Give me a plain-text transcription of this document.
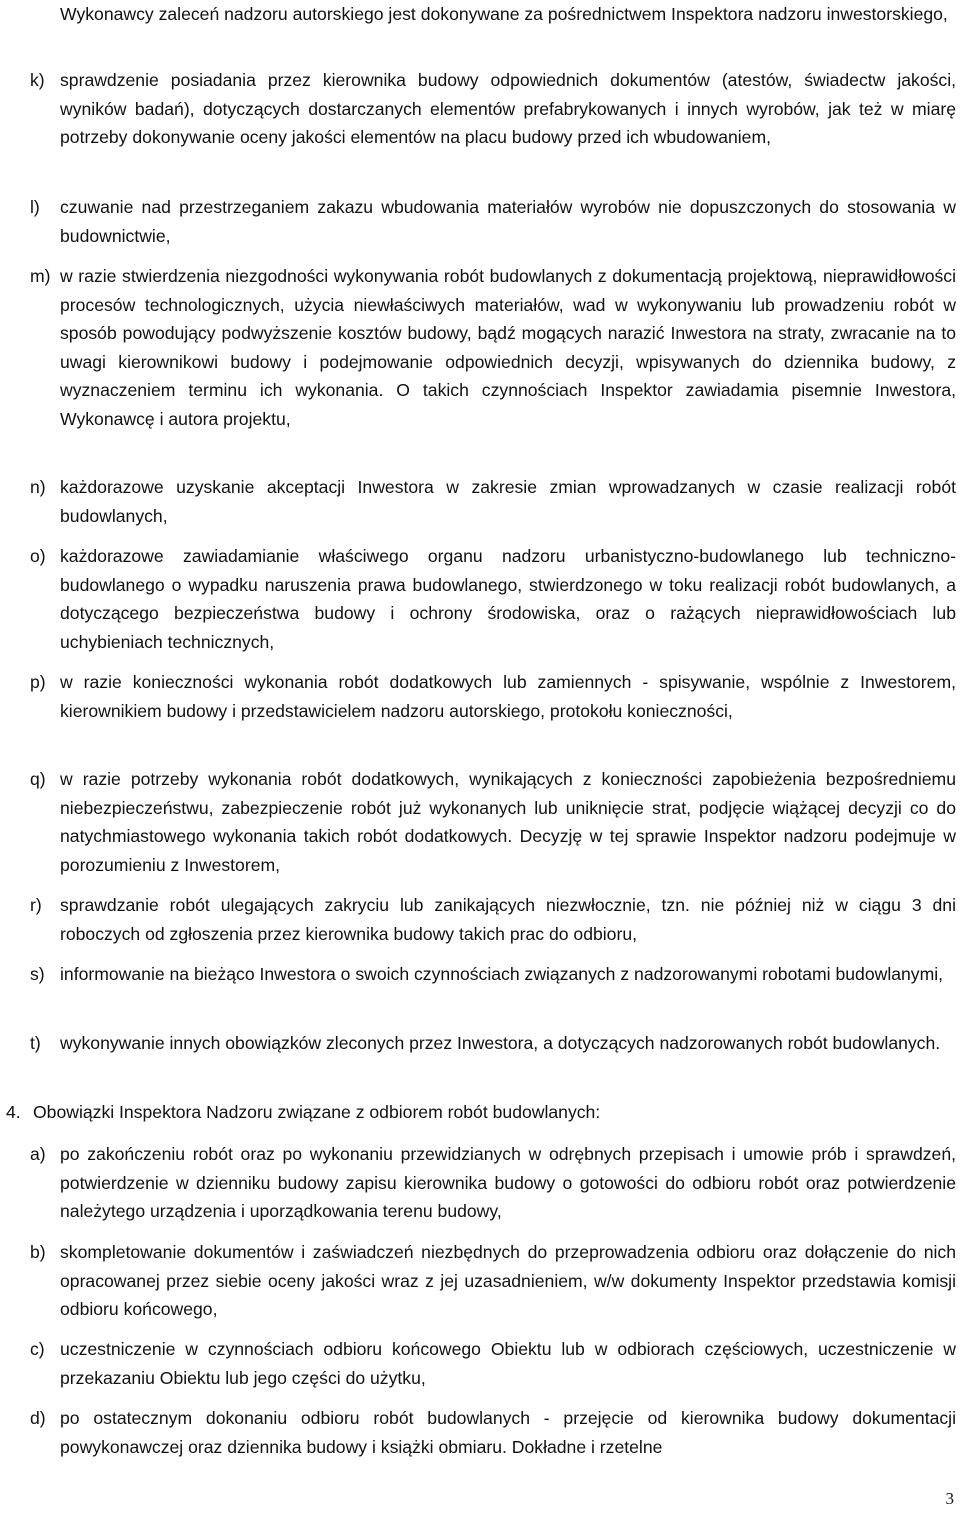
Wykonawcy zaleceń nadzoru autorskiego jest dokonywane za pośrednictwem Inspektora nadzoru inwestorskiego,

k) sprawdzenie posiadania przez kierownika budowy odpowiednich dokumentów (atestów, świadectw jakości, wyników badań), dotyczących dostarczanych elementów prefabrykowanych i innych wyrobów, jak też w miarę potrzeby dokonywanie oceny jakości elementów na placu budowy przed ich wbudowaniem,

l) czuwanie nad przestrzeganiem zakazu wbudowania materiałów wyrobów nie dopuszczonych do stosowania w budownictwie,

m) w razie stwierdzenia niezgodności wykonywania robót budowlanych z dokumentacją projektową, nieprawidłowości procesów technologicznych, użycia niewłaściwych materiałów, wad w wykonywaniu lub prowadzeniu robót w sposób powodujący podwyższenie kosztów budowy, bądź mogących narazić Inwestora na straty, zwracanie na to uwagi kierownikowi budowy i podejmowanie odpowiednich decyzji, wpisywanych do dziennika budowy, z wyznaczeniem terminu ich wykonania. O takich czynnościach Inspektor zawiadamia pisemnie Inwestora, Wykonawcę i autora projektu,

n) każdorazowe uzyskanie akceptacji Inwestora w zakresie zmian wprowadzanych w czasie realizacji robót budowlanych,

o) każdorazowe zawiadamianie właściwego organu nadzoru urbanistyczno-budowlanego lub techniczno-budowlanego o wypadku naruszenia prawa budowlanego, stwierdzonego w toku realizacji robót budowlanych, a dotyczącego bezpieczeństwa budowy i ochrony środowiska, oraz o rażących nieprawidłowościach lub uchybieniach technicznych,

p) w razie konieczności wykonania robót dodatkowych lub zamiennych - spisywanie, wspólnie z Inwestorem, kierownikiem budowy i przedstawicielem nadzoru autorskiego, protokołu konieczności,

q) w razie potrzeby wykonania robót dodatkowych, wynikających z konieczności zapobieżenia bezpośredniemu niebezpieczeństwu, zabezpieczenie robót już wykonanych lub uniknięcie strat, podjęcie wiążącej decyzji co do natychmiastowego wykonania takich robót dodatkowych. Decyzję w tej sprawie Inspektor nadzoru podejmuje w porozumieniu z Inwestorem,

r) sprawdzanie robót ulegających zakryciu lub zanikających niezwłocznie, tzn. nie później niż w ciągu 3 dni roboczych od zgłoszenia przez kierownika budowy takich prac do odbioru,

s) informowanie na bieżąco Inwestora o swoich czynnościach związanych z nadzorowanymi robotami budowlanymi,

t) wykonywanie innych obowiązków zleconych przez Inwestora, a dotyczących nadzorowanych robót budowlanych.

4. Obowiązki Inspektora Nadzoru związane z odbiorem robót budowlanych:

a) po zakończeniu robót oraz po wykonaniu przewidzianych w odrębnych przepisach i umowie prób i sprawdzeń, potwierdzenie w dzienniku budowy zapisu kierownika budowy o gotowości do odbioru robót oraz potwierdzenie należytego urządzenia i uporządkowania terenu budowy,

b) skompletowanie dokumentów i zaświadczeń niezbędnych do przeprowadzenia odbioru oraz dołączenie do nich opracowanej przez siebie oceny jakości wraz z jej uzasadnieniem, w/w dokumenty Inspektor przedstawia komisji odbioru końcowego,

c) uczestniczenie w czynnościach odbioru końcowego Obiektu lub w odbiorach częściowych, uczestniczenie w przekazaniu Obiektu lub jego części do użytku,

d) po ostatecznym dokonaniu odbioru robót budowlanych - przejęcie od kierownika budowy dokumentacji powykonawczej oraz dziennika budowy i książki obmiaru. Dokładne i rzetelne

3
